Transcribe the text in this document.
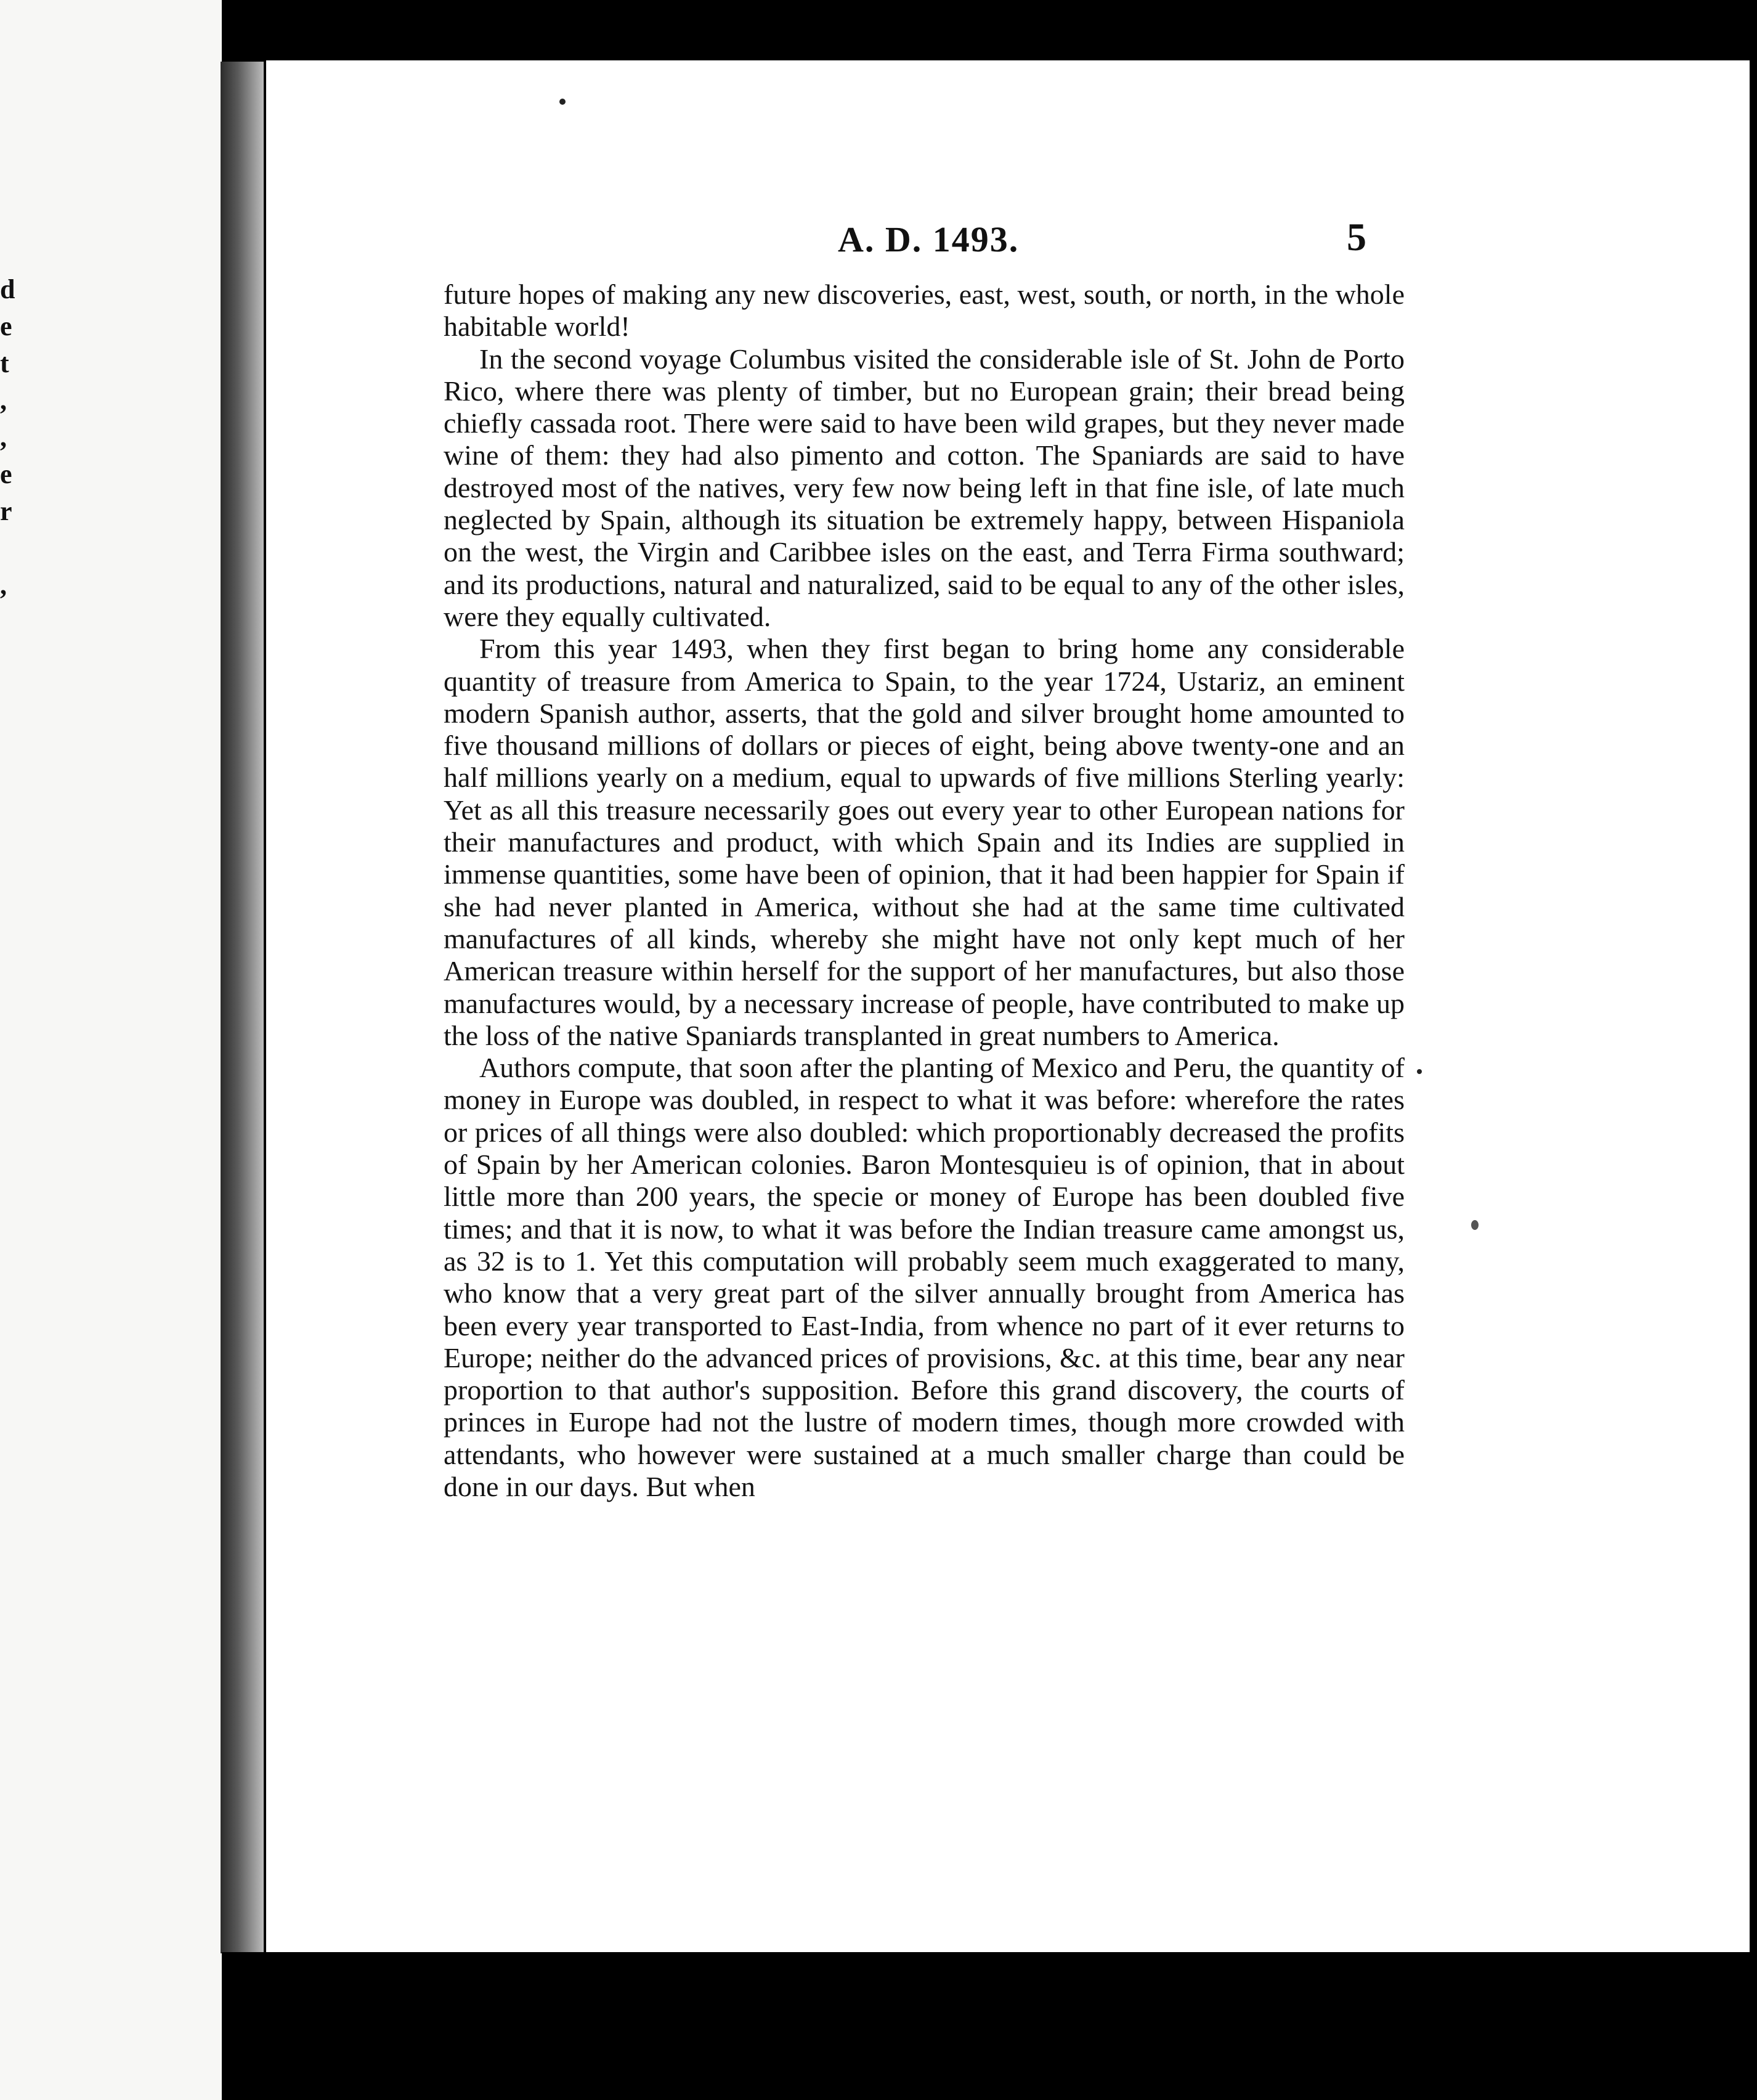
d
e
t
,
,
e
r
,
A. D. 1493.	5

future hopes of making any new discoveries, east, west, south, or north, in the whole habitable world!

In the second voyage Columbus visited the considerable isle of St. John de Porto Rico, where there was plenty of timber, but no European grain; their bread being chiefly cassada root. There were said to have been wild grapes, but they never made wine of them: they had also pimento and cotton. The Spaniards are said to have destroyed most of the natives, very few now being left in that fine isle, of late much neglected by Spain, although its situation be extremely happy, between Hispaniola on the west, the Virgin and Caribbee isles on the east, and Terra Firma southward; and its productions, natural and naturalized, said to be equal to any of the other isles, were they equally cultivated.

From this year 1493, when they first began to bring home any considerable quantity of treasure from America to Spain, to the year 1724, Ustariz, an eminent modern Spanish author, asserts, that the gold and silver brought home amounted to five thousand millions of dollars or pieces of eight, being above twenty-one and an half millions yearly on a medium, equal to upwards of five millions Sterling yearly: Yet as all this treasure necessarily goes out every year to other European nations for their manufactures and product, with which Spain and its Indies are supplied in immense quantities, some have been of opinion, that it had been happier for Spain if she had never planted in America, without she had at the same time cultivated manufactures of all kinds, whereby she might have not only kept much of her American treasure within herself for the support of her manufactures, but also those manufactures would, by a necessary increase of people, have contributed to make up the loss of the native Spaniards transplanted in great numbers to America.

Authors compute, that soon after the planting of Mexico and Peru, the quantity of money in Europe was doubled, in respect to what it was before: wherefore the rates or prices of all things were also doubled: which proportionably decreased the profits of Spain by her American colonies. Baron Montesquieu is of opinion, that in about little more than 200 years, the specie or money of Europe has been doubled five times; and that it is now, to what it was before the Indian treasure came amongst us, as 32 is to 1. Yet this computation will probably seem much exaggerated to many, who know that a very great part of the silver annually brought from America has been every year transported to East-India, from whence no part of it ever returns to Europe; neither do the advanced prices of provisions, &c. at this time, bear any near proportion to that author's supposition. Before this grand discovery, the courts of princes in Europe had not the lustre of modern times, though more crowded with attendants, who however were sustained at a much smaller charge than could be done in our days. But when
